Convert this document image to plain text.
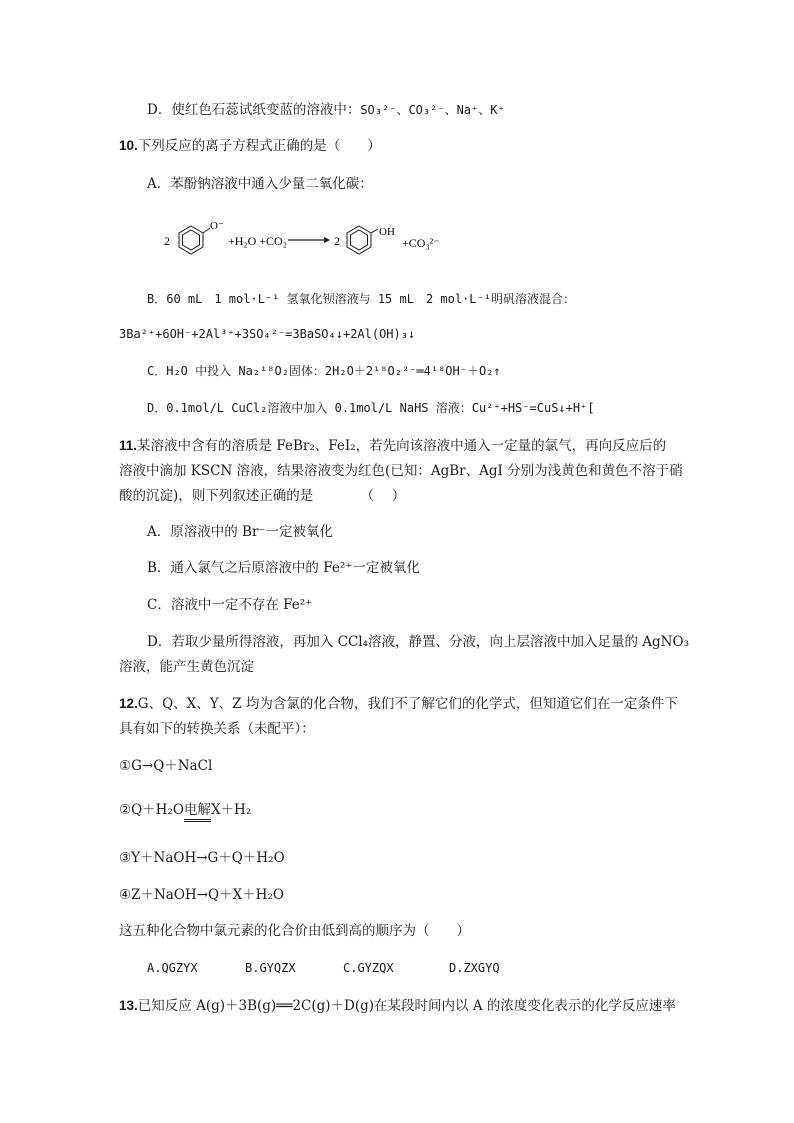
D．使红色石蕊试纸变蓝的溶液中：SO₃²⁻、CO₃²⁻、Na⁺、K⁺
10.下列反应的离子方程式正确的是（　　）
A．苯酚钠溶液中通入少量二氧化碳：
2
O⁻
+H₂O +CO₂	2
OH
+CO₃²⁻
B．60 mL　1 mol·L⁻¹ 氢氧化钡溶液与 15 mL　2 mol·L⁻¹明矾溶液混合：
3Ba²⁺+6OH⁻+2Al³⁺+3SO₄²⁻=3BaSO₄↓+2Al(OH)₃↓
C．H₂O 中投入 Na₂¹⁸O₂固体：2H₂O＋2¹⁸O₂²⁻═4¹⁸OH⁻＋O₂↑
D．0.1mol/L CuCl₂溶液中加入 0.1mol/L NaHS 溶液：Cu²⁺+HS⁻=CuS↓+H⁺[
11.某溶液中含有的溶质是 FeBr₂、FeI₂，若先向该溶液中通入一定量的氯气，再向反应后的
溶液中滴加 KSCN 溶液，结果溶液变为红色(已知：AgBr、AgI 分别为浅黄色和黄色不溶于硝
酸的沉淀)，则下列叙述正确的是　　　　（　 ）
A．原溶液中的 Br⁻一定被氧化
B．通入氯气之后原溶液中的 Fe²⁺一定被氧化
C．溶液中一定不存在 Fe²⁺
D．若取少量所得溶液，再加入 CCl₄溶液，静置、分液，向上层溶液中加入足量的 AgNO₃
溶液，能产生黄色沉淀
12.G、Q、X、Y、Z 均为含氯的化合物，我们不了解它们的化学式，但知道它们在一定条件下
具有如下的转换关系（未配平）：
①G→Q＋NaCl
②Q＋H₂O电解X＋H₂
③Y＋NaOH→G＋Q＋H₂O
④Z＋NaOH→Q＋X＋H₂O
这五种化合物中氯元素的化合价由低到高的顺序为（　　）
A.QGZYX	B.GYQZX	C.GYZQX	D.ZXGYQ
13.已知反应 A(g)＋3B(g)══2C(g)＋D(g)在某段时间内以 A 的浓度变化表示的化学反应速率
